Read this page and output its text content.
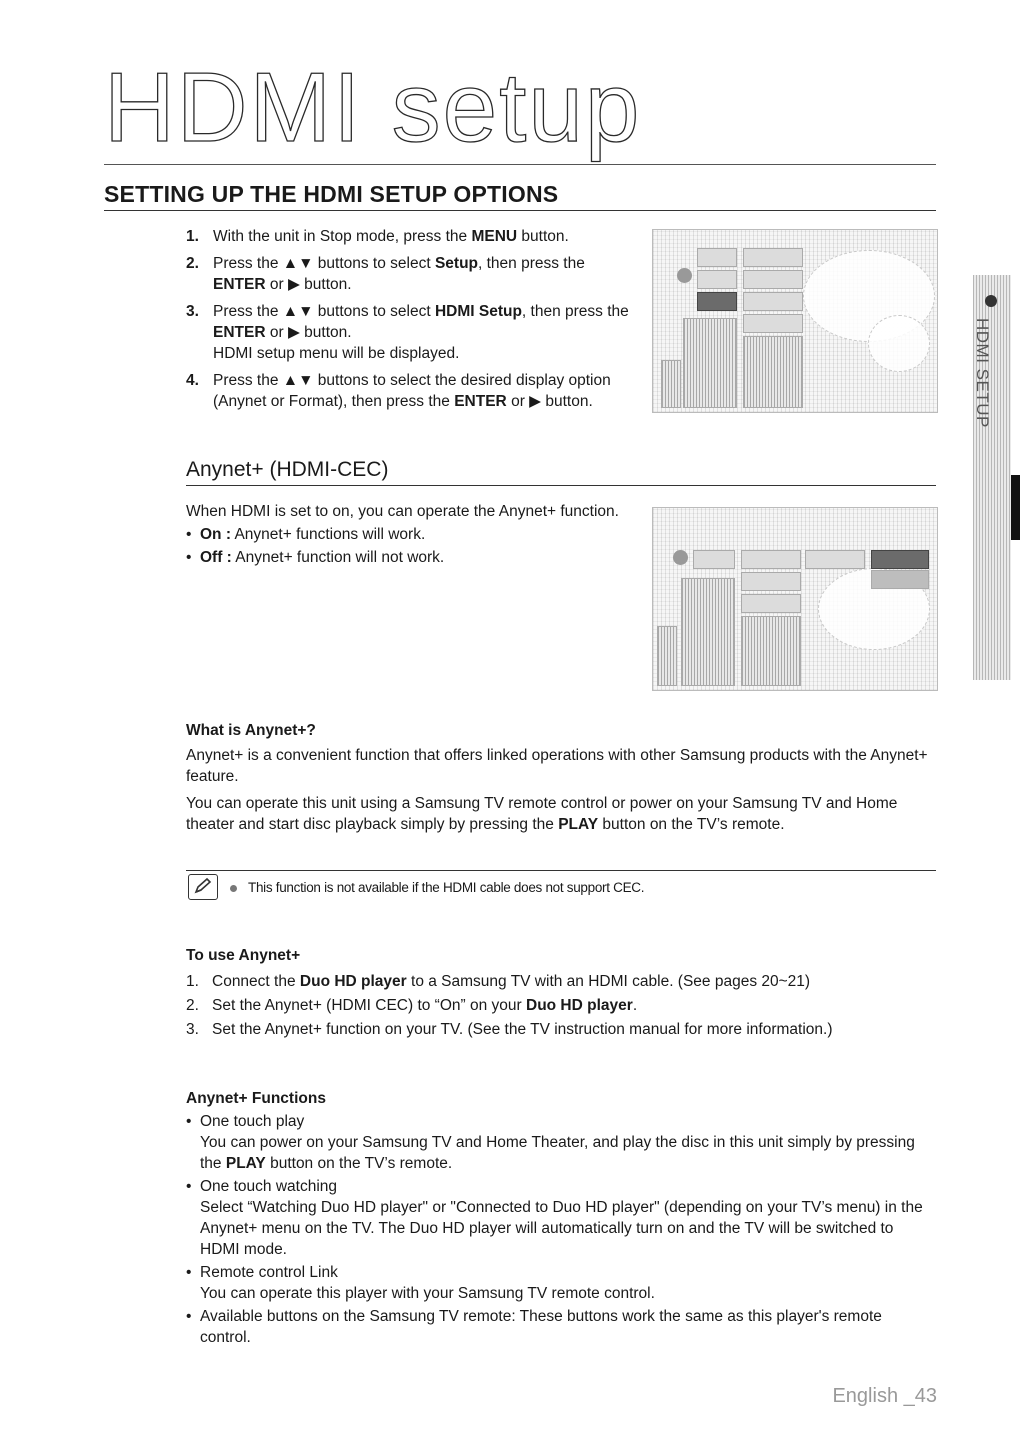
HDMI setup
SETTING UP THE HDMI SETUP OPTIONS
1. With the unit in Stop mode, press the MENU button.
2. Press the ▲▼ buttons to select Setup, then press the ENTER or ▶ button.
3. Press the ▲▼ buttons to select HDMI Setup, then press the ENTER or ▶ button.
HDMI setup menu will be displayed.
4. Press the ▲▼ buttons to select the desired display option (Anynet or Format), then press the ENTER or ▶ button.
Anynet+ (HDMI-CEC)
When HDMI is set to on, you can operate the Anynet+ function.
• On : Anynet+ functions will work.
• Off : Anynet+ function will not work.
What is Anynet+?
Anynet+ is a convenient function that offers linked operations with other Samsung products with the Anynet+ feature.
You can operate this unit using a Samsung TV remote control or power on your Samsung TV and Home theater and start disc playback simply by pressing the PLAY button on the TV’s remote.
This function is not available if the HDMI cable does not support CEC.
To use Anynet+
1. Connect the Duo HD player to a Samsung TV with an HDMI cable. (See pages 20~21)
2. Set the Anynet+ (HDMI CEC) to “On” on your Duo HD player.
3. Set the Anynet+ function on your TV. (See the TV instruction manual for more information.)
Anynet+ Functions
• One touch play
You can power on your Samsung TV and Home Theater, and play the disc in this unit simply by pressing the PLAY button on the TV’s remote.
• One touch watching
Select “Watching Duo HD player" or "Connected to Duo HD player" (depending on your TV’s menu) in the Anynet+ menu on the TV. The Duo HD player will automatically turn on and the TV will be switched to HDMI mode.
• Remote control Link
You can operate this player with your Samsung TV remote control.
• Available buttons on the Samsung TV remote: These buttons work the same as this player's remote control.
HDMI SETUP
English _43
